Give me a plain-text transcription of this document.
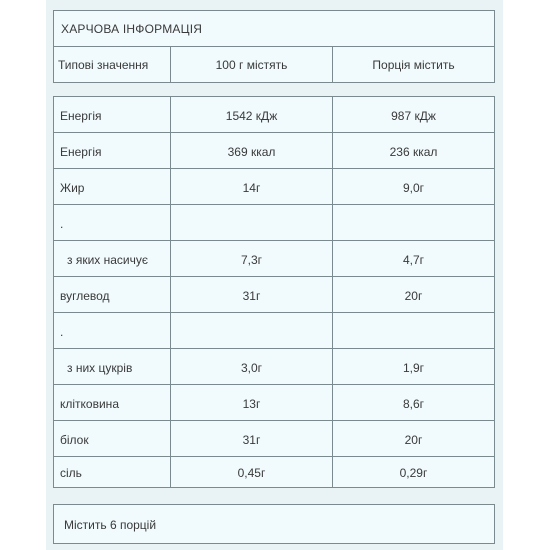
ХАРЧОВА ІНФОРМАЦІЯ
Типові значення	100 г містять	Порція містить
Енергія	1542 кДж	987 кДж
Енергія	369 ккал	236 ккал
Жир	14г	9,0г
.
з яких насичує	7,3г	4,7г
вуглевод	31г	20г
.
з них цукрів	3,0г	1,9г
клітковина	13г	8,6г
білок	31г	20г
сіль	0,45г	0,29г
Містить 6 порцій
